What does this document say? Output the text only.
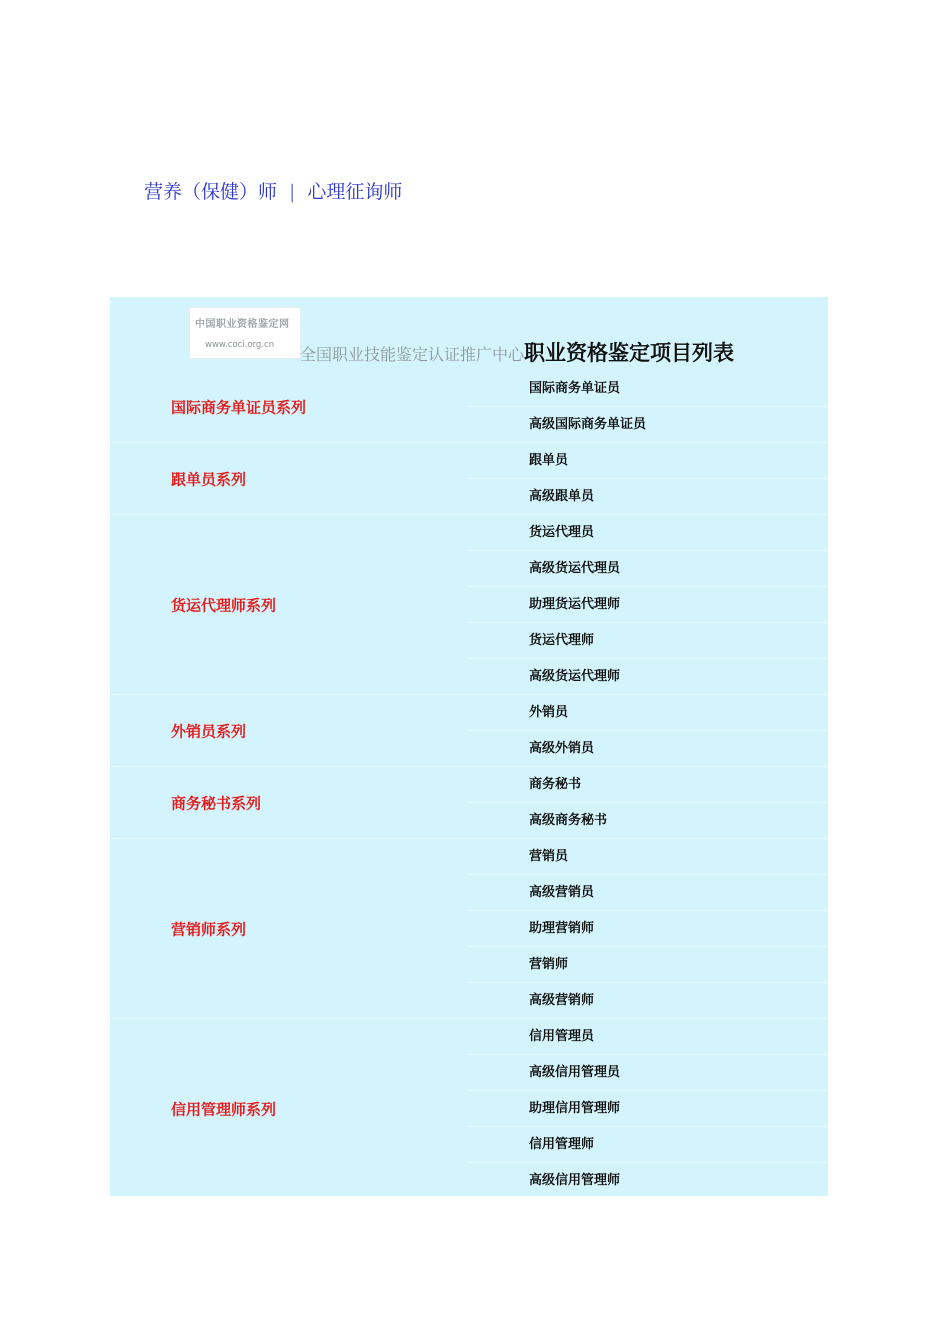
营养（保健）师 | 心理征询师
中国职业资格鉴定网
www.coci.org.cn 全国职业技能鉴定认证推广中心职业资格鉴定项目列表
国际商务单证员系列
国际商务单证员
高级国际商务单证员
跟单员系列
跟单员
高级跟单员
货运代理师系列
货运代理员
高级货运代理员
助理货运代理师
货运代理师
高级货运代理师
外销员系列
外销员
高级外销员
商务秘书系列
商务秘书
高级商务秘书
营销师系列
营销员
高级营销员
助理营销师
营销师
高级营销师
信用管理师系列
信用管理员
高级信用管理员
助理信用管理师
信用管理师
高级信用管理师
